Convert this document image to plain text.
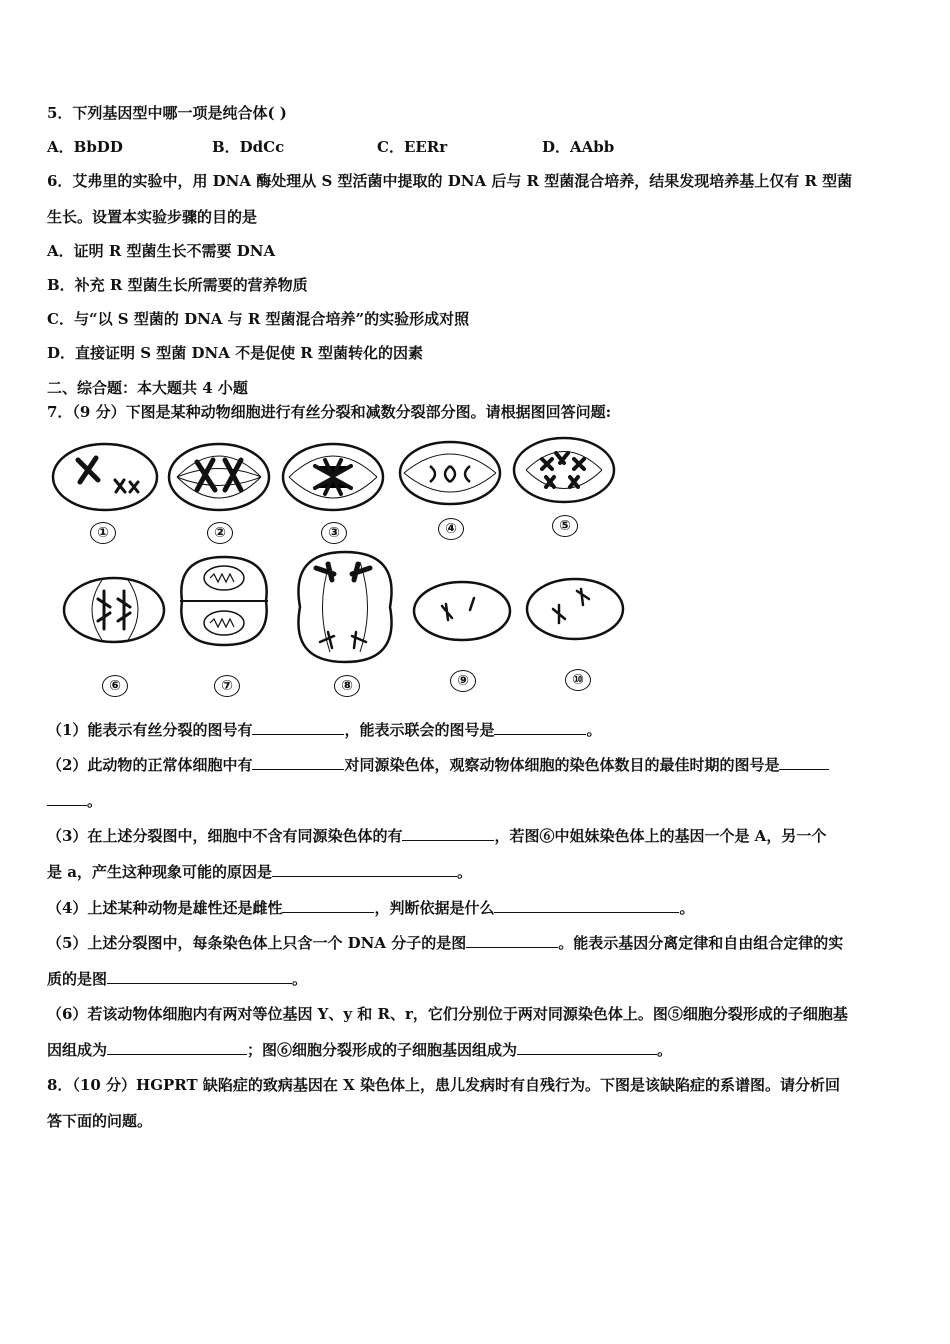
5．下列基因型中哪一项是纯合体( )
A．BbDD	B．DdCc	C．EERr	D．AAbb
6．艾弗里的实验中，用 DNA 酶处理从 S 型活菌中提取的 DNA 后与 R 型菌混合培养，结果发现培养基上仅有 R 型菌
生长。设置本实验步骤的目的是
A．证明 R 型菌生长不需要 DNA
B．补充 R 型菌生长所需要的营养物质
C．与“以 S 型菌的 DNA 与 R 型菌混合培养”的实验形成对照
D．直接证明 S 型菌 DNA 不是促使 R 型菌转化的因素
二、综合题：本大题共 4 小题
7．（9 分）下图是某种动物细胞进行有丝分裂和减数分裂部分图。请根据图回答问题:
①	②	③	④	⑤
⑥	⑦	⑧	⑨	⑩
（1）能表示有丝分裂的图号有	，能表示联会的图号是	。
（2）此动物的正常体细胞中有	对同源染色体，观察动物体细胞的染色体数目的最佳时期的图号是
。
（3）在上述分裂图中，细胞中不含有同源染色体的有	，若图⑥中姐妹染色体上的基因一个是 A，另一个
是 a，产生这种现象可能的原因是	。
（4）上述某种动物是雄性还是雌性	，判断依据是什么	。
（5）上述分裂图中，每条染色体上只含一个 DNA 分子的是图	。能表示基因分离定律和自由组合定律的实
质的是图	。
（6）若该动物体细胞内有两对等位基因 Y、y 和 R、r，它们分别位于两对同源染色体上。图⑤细胞分裂形成的子细胞基
因组成为	；图⑥细胞分裂形成的子细胞基因组成为	。
8．（10 分）HGPRT 缺陷症的致病基因在 X 染色体上，患儿发病时有自残行为。下图是该缺陷症的系谱图。请分析回
答下面的问题。
